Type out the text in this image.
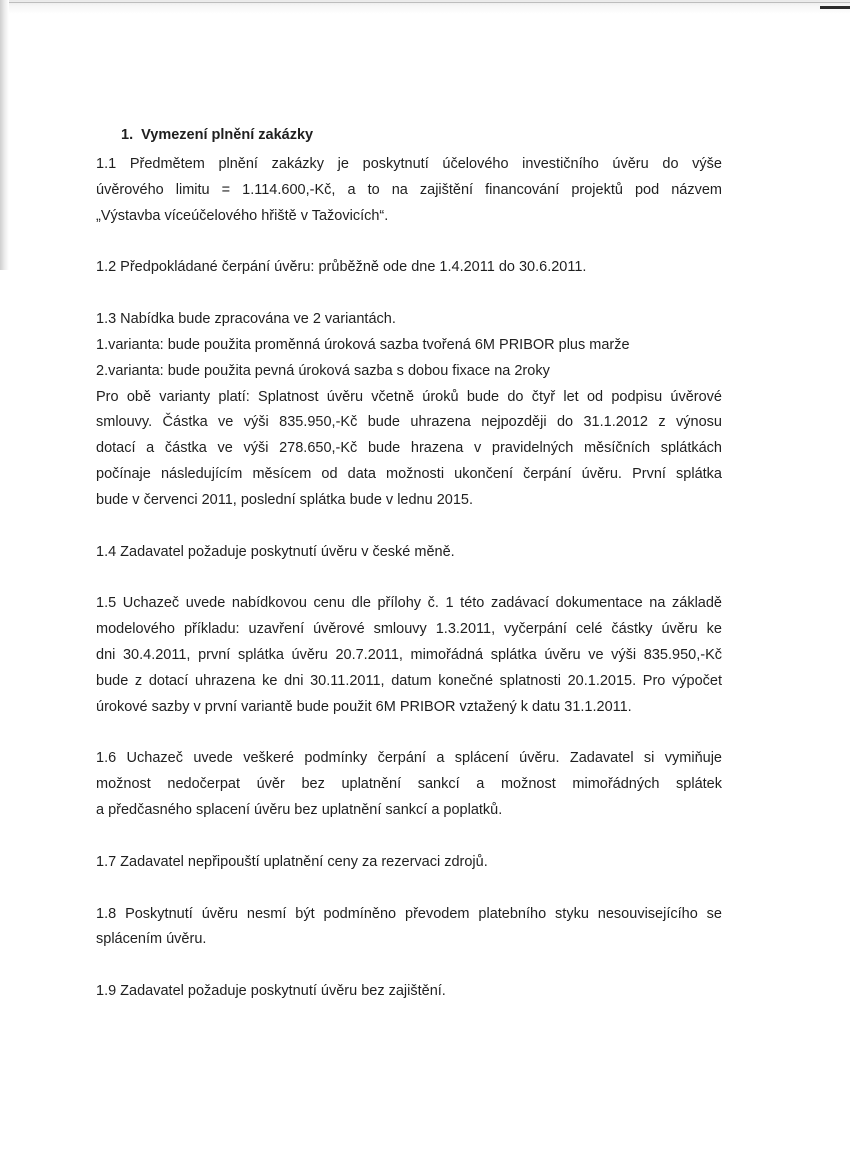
1. Vymezení plnění zakázky
1.1 Předmětem plnění zakázky je poskytnutí účelového investičního úvěru do výše
úvěrového limitu = 1.114.600,-Kč, a to na zajištění financování projektů pod názvem
„Výstavba víceúčelového hřiště v Tažovicích“.
1.2 Předpokládané čerpání úvěru: průběžně ode dne 1.4.2011 do 30.6.2011.
1.3 Nabídka bude zpracována ve 2 variantách.
1.varianta: bude použita proměnná úroková sazba tvořená 6M PRIBOR plus marže
2.varianta: bude použita pevná úroková sazba s dobou fixace na 2roky
Pro obě varianty platí: Splatnost úvěru včetně úroků bude do čtyř let od podpisu úvěrové
smlouvy. Částka ve výši 835.950,-Kč bude uhrazena nejpozději do 31.1.2012 z výnosu
dotací a částka ve výši 278.650,-Kč bude hrazena v pravidelných měsíčních splátkách
počínaje následujícím měsícem od data možnosti ukončení čerpání úvěru. První splátka
bude v červenci 2011, poslední splátka bude v lednu 2015.
1.4 Zadavatel požaduje poskytnutí úvěru v české měně.
1.5 Uchazeč uvede nabídkovou cenu dle přílohy č. 1 této zadávací dokumentace na základě
modelového příkladu: uzavření úvěrové smlouvy 1.3.2011, vyčerpání celé částky úvěru ke
dni 30.4.2011, první splátka úvěru 20.7.2011, mimořádná splátka úvěru ve výši 835.950,-Kč
bude z dotací uhrazena ke dni 30.11.2011, datum konečné splatnosti 20.1.2015. Pro výpočet
úrokové sazby v první variantě bude použit 6M PRIBOR vztažený k datu 31.1.2011.
1.6 Uchazeč uvede veškeré podmínky čerpání a splácení úvěru. Zadavatel si vymiňuje
možnost nedočerpat úvěr bez uplatnění sankcí a možnost mimořádných splátek
a předčasného splacení úvěru bez uplatnění sankcí a poplatků.
1.7 Zadavatel nepřipouští uplatnění ceny za rezervaci zdrojů.
1.8 Poskytnutí úvěru nesmí být podmíněno převodem platebního styku nesouvisejícího se
splácením úvěru.
1.9 Zadavatel požaduje poskytnutí úvěru bez zajištění.
